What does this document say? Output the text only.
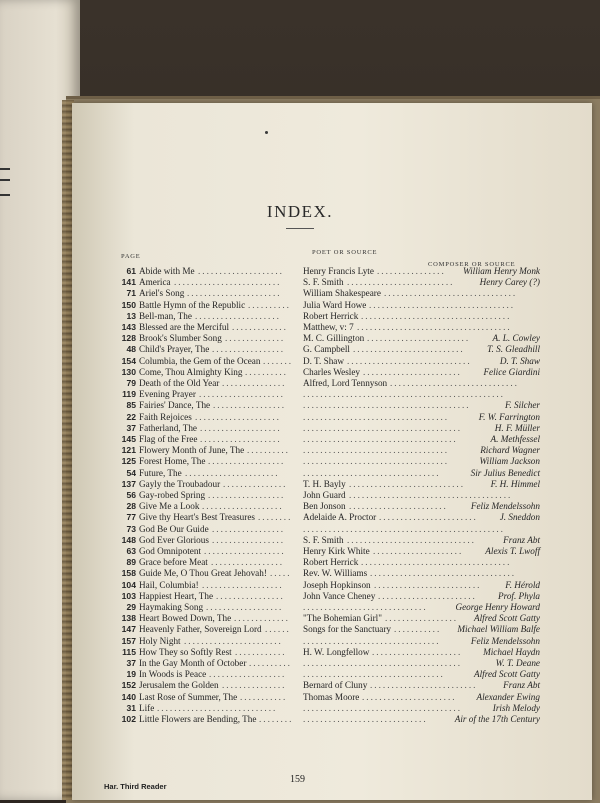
INDEX.
PAGE
POET OR SOURCE
COMPOSER OR SOURCE
61 Abide with Me .................... Henry Francis Lyte ................ William Henry Monk
141 America ......................... S. F. Smith .........................	Henry Carey (?)
71 Ariel's Song ...................... William Shakespeare ...............................
150 Battle Hymn of the Republic .......... Julia Ward Howe ..................................
13 Bell-man, The .................... Robert Herrick ...................................
143 Blessed are the Merciful ............. Matthew, v: 7 ....................................
128 Brook's Slumber Song .............. M. C. Gillington ........................ A. L. Cowley
48 Child's Prayer, The ................. G. Campbell .......................... T. S. Gleadhill
154 Columbia, the Gem of the Ocean ....... D. T. Shaw .............................	D. T. Shaw
130 Come, Thou Almighty King .......... Charles Wesley ....................... Felice Giardini
79 Death of the Old Year ............... Alfred, Lord Tennyson ..............................
119 Evening Prayer .................... ...............................................
85 Fairies' Dance, The ................. .......................................	F. Silcher
22 Faith Rejoices .................... ..................................	F. W. Farrington
37 Fatherland, The ................... .....................................	H. F. Müller
145 Flag of the Free ................... ....................................	A. Methfessel
121 Flowery Month of June, The .......... ..................................	Richard Wagner
125 Forest Home, The .................. ..................................	William Jackson
54 Future, The ......................	................................	Sir Julius Benedict
137 Gayly the Troubadour ............... T. H. Bayly ...........................	F. H. Himmel
56 Gay-robed Spring .................. John Guard ......................................
28 Give Me a Look ................... Ben Jonson .......................	Feliz Mendelssohn
77 Give thy Heart's Best Treasures ........ Adelaide A. Proctor ....................... J. Sneddon
73 God Be Our Guide ................. ...............................................
148 God Ever Glorious ................. S. F. Smith ..............................	Franz Abt
63 God Omnipotent ................... Henry Kirk White ..................... Alexis T. Lwoff
89 Grace before Meat ................. Robert Herrick ...................................
158 Guide Me, O Thou Great Jehovah! ..... Rev. W. Williams ..................................
104 Hail, Columbia! ................... Joseph Hopkinson .........................	F. Hérold
103 Happiest Heart, The ................ John Vance Cheney ....................... Prof. Phyla
29 Haymaking Song .................. .............................	George Henry Howard
138 Heart Bowed Down, The ............. "The Bohemian Girl" ................. Alfred Scott Gatty
147 Heavenly Father, Sovereign Lord ...... Songs for the Sanctuary ........... Michael William Balfe
157 Holy Night ....................... ................................	Feliz Mendelssohn
115 How They so Softly Rest ............ H. W. Longfellow ..................... Michael Haydn
37 In the Gay Month of October .......... .....................................	W. T. Deane
19 In Woods is Peace .................. .................................	Alfred Scott Gatty
152 Jerusalem the Golden ............... Bernard of Cluny .........................	Franz Abt
140 Last Rose of Summer, The ........... Thomas Moore ...................... Alexander Ewing
31 Life ............................	.....................................	Irish Melody
102 Little Flowers are Bending, The ........ .............................	Air of the 17th Century
Har. Third Reader
159
